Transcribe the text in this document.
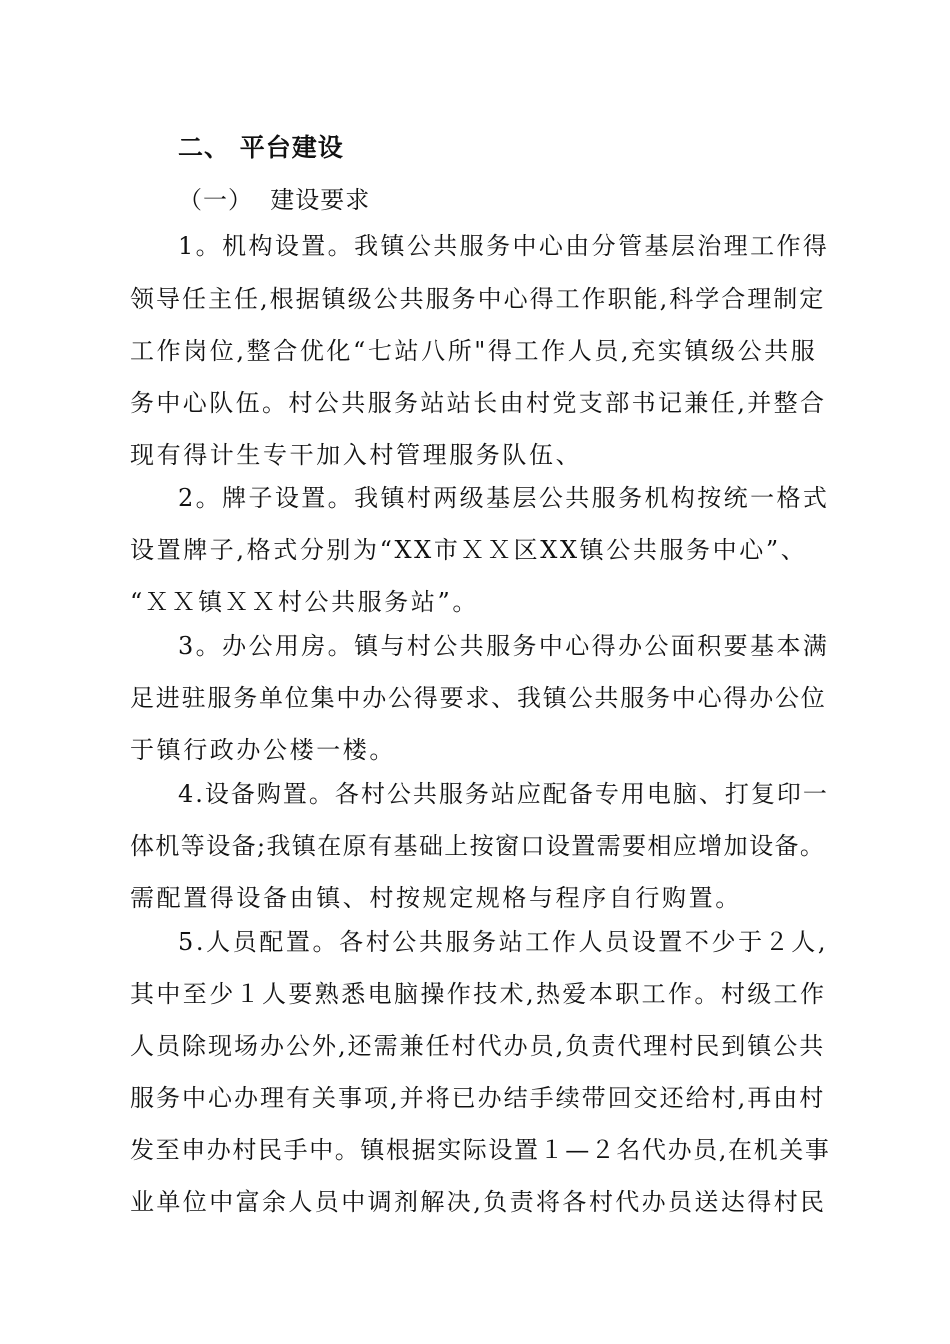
二、 平台建设
（一）  建设要求
1。机构设置。我镇公共服务中心由分管基层治理工作得
领导任主任,根据镇级公共服务中心得工作职能,科学合理制定
工作岗位,整合优化“七站八所"得工作人员,充实镇级公共服
务中心队伍。村公共服务站站长由村党支部书记兼任,并整合
现有得计生专干加入村管理服务队伍、
2。牌子设置。我镇村两级基层公共服务机构按统一格式
设置牌子,格式分别为“XX市ＸＸ区XX镇公共服务中心”、
“ＸＸ镇ＸＸ村公共服务站”。
3。办公用房。镇与村公共服务中心得办公面积要基本满
足进驻服务单位集中办公得要求、我镇公共服务中心得办公位
于镇行政办公楼一楼。
4.设备购置。各村公共服务站应配备专用电脑、打复印一
体机等设备;我镇在原有基础上按窗口设置需要相应增加设备。
需配置得设备由镇、村按规定规格与程序自行购置。
5.人员配置。各村公共服务站工作人员设置不少于２人,
其中至少１人要熟悉电脑操作技术,热爱本职工作。村级工作
人员除现场办公外,还需兼任村代办员,负责代理村民到镇公共
服务中心办理有关事项,并将已办结手续带回交还给村,再由村
发至申办村民手中。镇根据实际设置１—２名代办员,在机关事
业单位中富余人员中调剂解决,负责将各村代办员送达得村民
